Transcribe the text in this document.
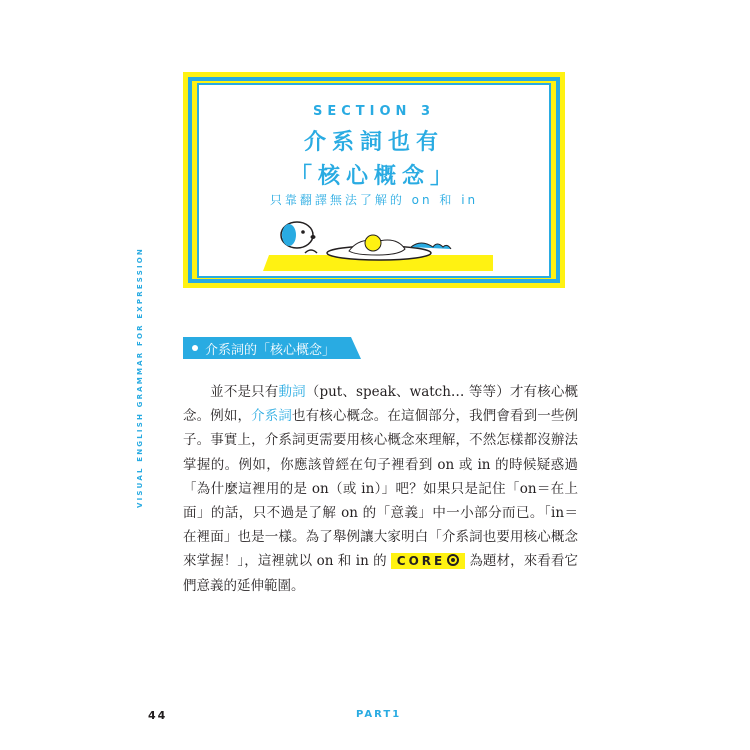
VISUAL ENGLISH GRAMMAR FOR EXPRESSION
SECTION 3
介系詞也有
「核心概念」
只靠翻譯無法了解的 on 和 in
介系詞的「核心概念」

並不是只有動詞（put、speak、watch… 等等）才有核心概念。例如，介系詞也有核心概念。在這個部分，我們會看到一些例子。事實上，介系詞更需要用核心概念來理解，不然怎樣都沒辦法掌握的。例如，你應該曾經在句子裡看到 on 或 in 的時候疑惑過「為什麼這裡用的是 on（或 in）」吧？如果只是記住「on＝在上面」的話，只不過是了解 on 的「意義」中一小部分而已。「in＝在裡面」也是一樣。為了舉例讓大家明白「介系詞也要用核心概念來掌握！」，這裡就以 on 和 in 的 CORE 為題材，來看看它們意義的延伸範圍。

44	PART1
